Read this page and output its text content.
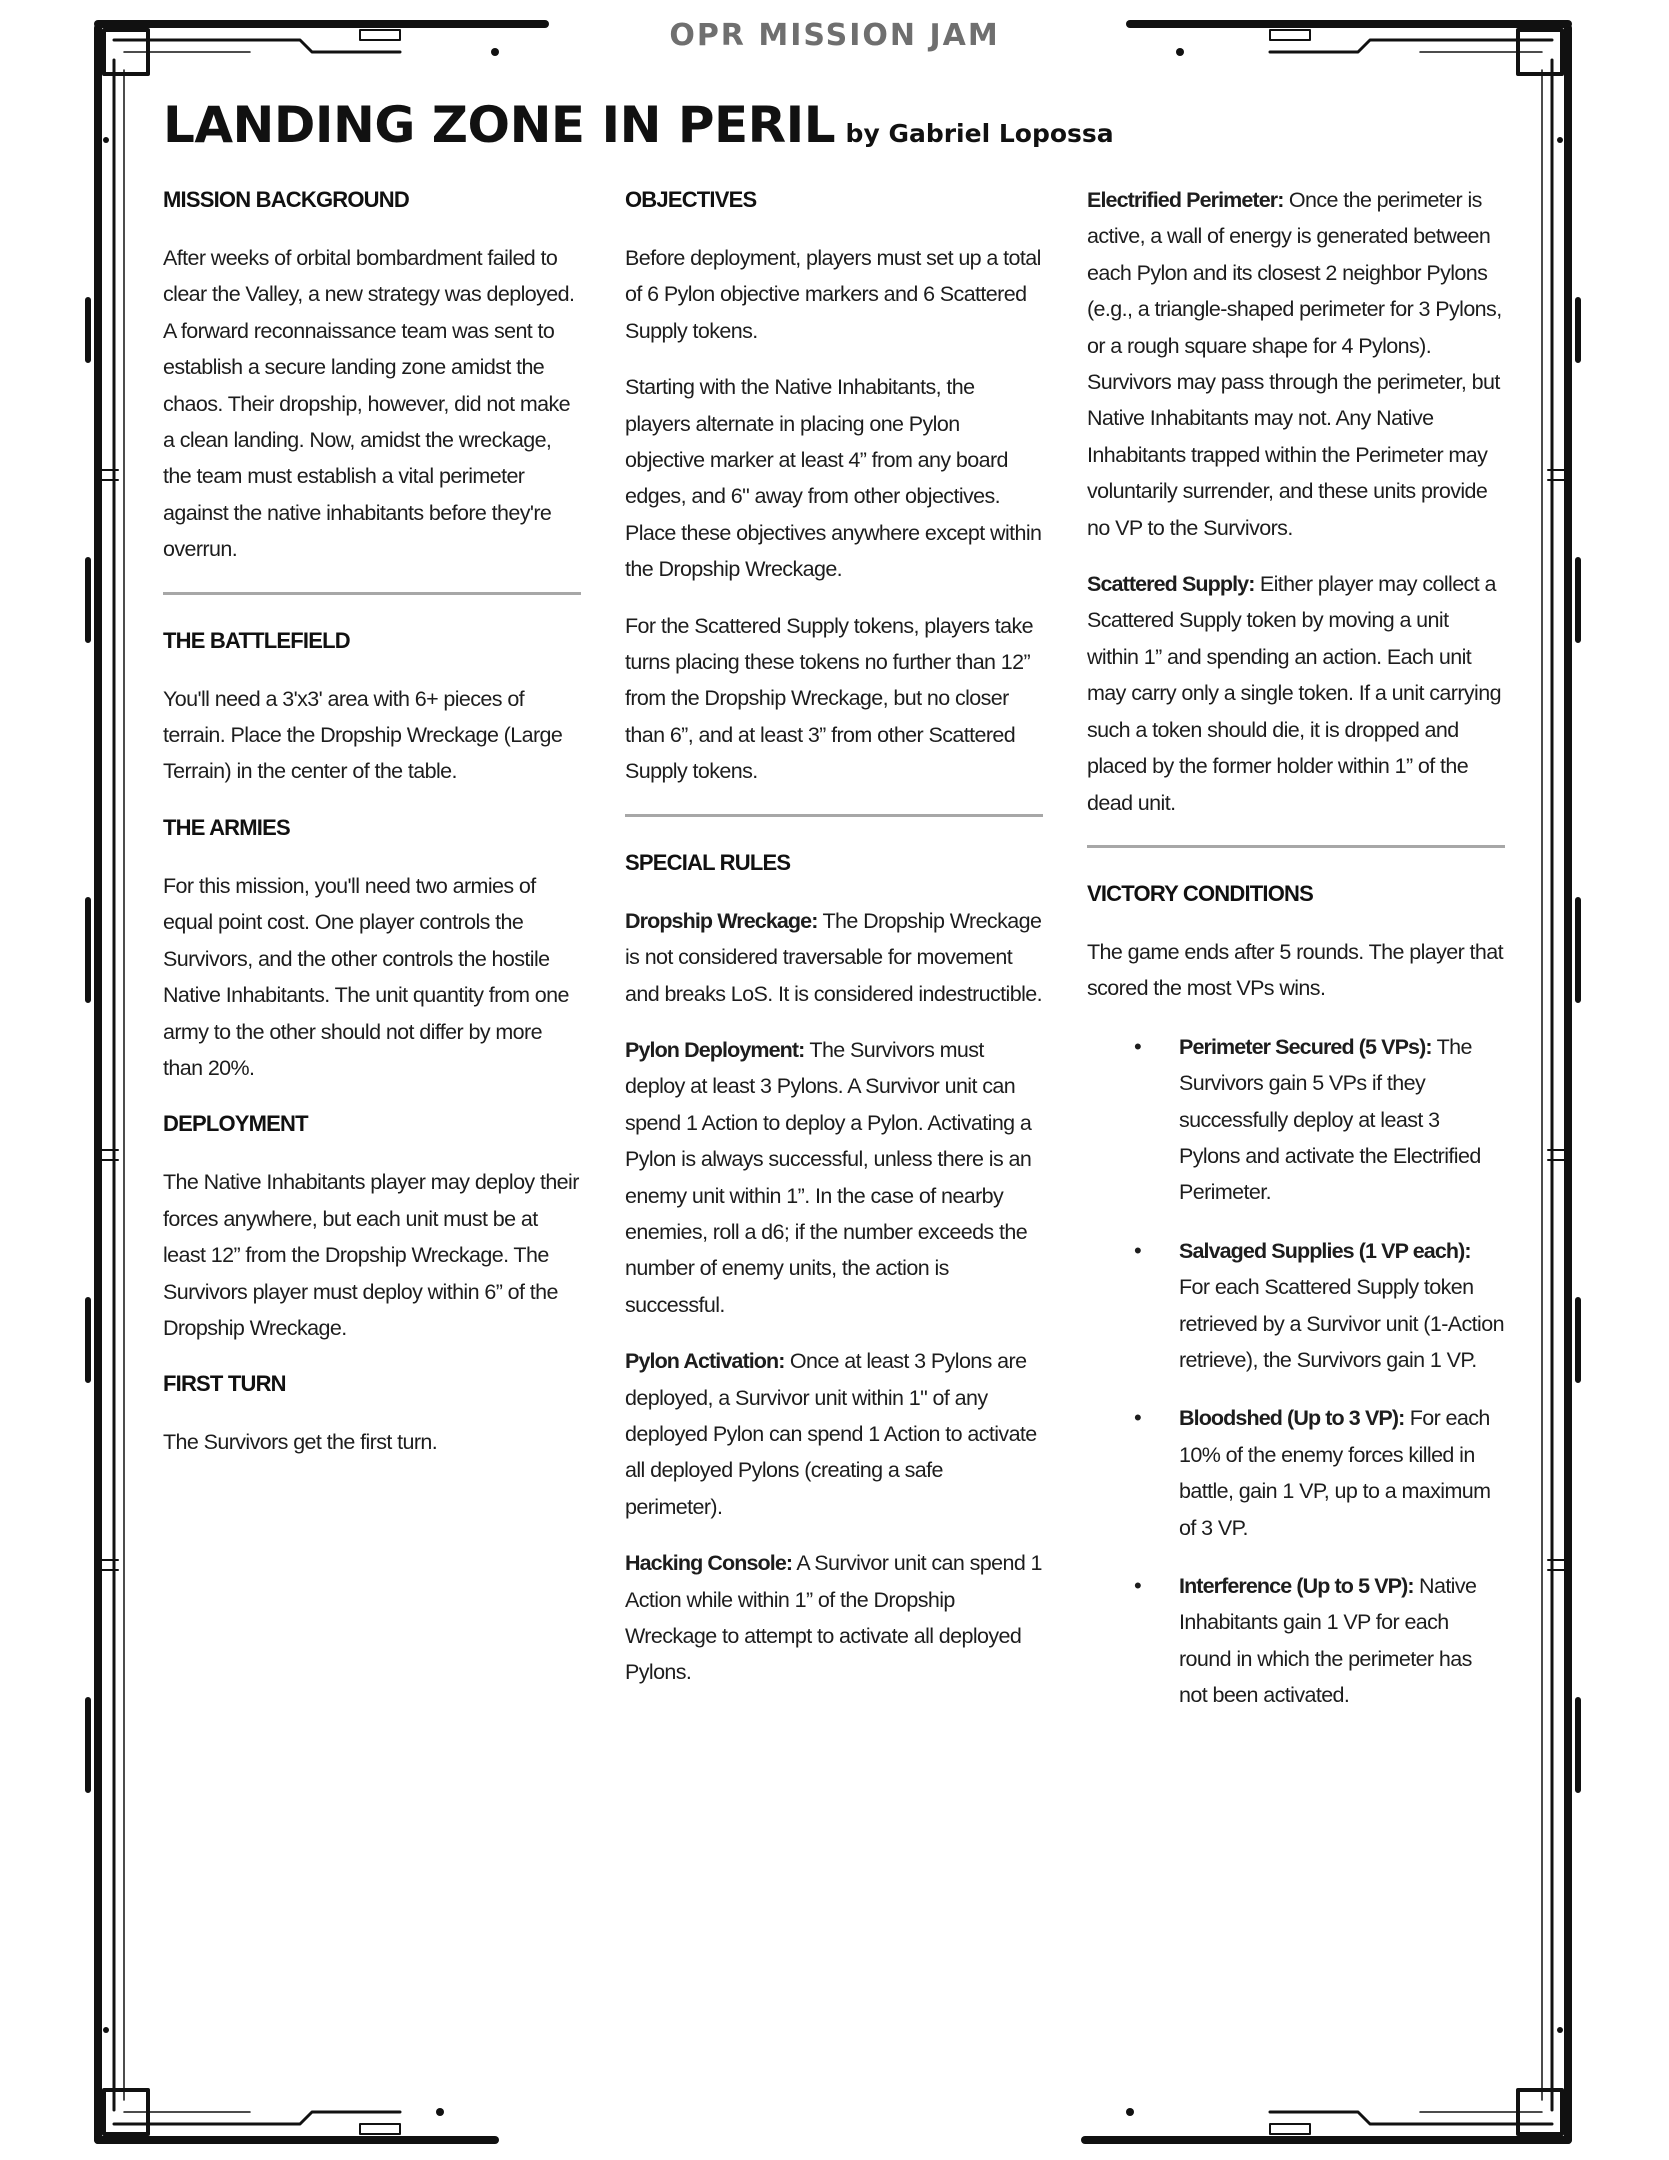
OPR MISSION JAM
LANDING ZONE IN PERIL by Gabriel Lopossa
MISSION BACKGROUND

After weeks of orbital bombardment failed to clear the Valley, a new strategy was deployed. A forward reconnaissance team was sent to establish a secure landing zone amidst the chaos. Their dropship, however, did not make a clean landing. Now, amidst the wreckage, the team must establish a vital perimeter against the native inhabitants before they're overrun.

THE BATTLEFIELD

You'll need a 3'x3' area with 6+ pieces of terrain. Place the Dropship Wreckage (Large Terrain) in the center of the table.

THE ARMIES

For this mission, you'll need two armies of equal point cost. One player controls the Survivors, and the other controls the hostile Native Inhabitants. The unit quantity from one army to the other should not differ by more than 20%.

DEPLOYMENT

The Native Inhabitants player may deploy their forces anywhere, but each unit must be at least 12” from the Dropship Wreckage. The Survivors player must deploy within 6” of the Dropship Wreckage.

FIRST TURN

The Survivors get the first turn.

OBJECTIVES

Before deployment, players must set up a total of 6 Pylon objective markers and 6 Scattered Supply tokens.

Starting with the Native Inhabitants, the players alternate in placing one Pylon objective marker at least 4” from any board edges, and 6" away from other objectives. Place these objectives anywhere except within the Dropship Wreckage.

For the Scattered Supply tokens, players take turns placing these tokens no further than 12” from the Dropship Wreckage, but no closer than 6”, and at least 3” from other Scattered Supply tokens.

SPECIAL RULES

Dropship Wreckage: The Dropship Wreckage is not considered traversable for movement and breaks LoS. It is considered indestructible.

Pylon Deployment: The Survivors must deploy at least 3 Pylons. A Survivor unit can spend 1 Action to deploy a Pylon. Activating a Pylon is always successful, unless there is an enemy unit within 1”. In the case of nearby enemies, roll a d6; if the number exceeds the number of enemy units, the action is successful.

Pylon Activation: Once at least 3 Pylons are deployed, a Survivor unit within 1" of any deployed Pylon can spend 1 Action to activate all deployed Pylons (creating a safe perimeter).

Hacking Console: A Survivor unit can spend 1 Action while within 1” of the Dropship Wreckage to attempt to activate all deployed Pylons.

Electrified Perimeter: Once the perimeter is active, a wall of energy is generated between each Pylon and its closest 2 neighbor Pylons (e.g., a triangle-shaped perimeter for 3 Pylons, or a rough square shape for 4 Pylons). Survivors may pass through the perimeter, but Native Inhabitants may not. Any Native Inhabitants trapped within the Perimeter may voluntarily surrender, and these units provide no VP to the Survivors.

Scattered Supply: Either player may collect a Scattered Supply token by moving a unit within 1” and spending an action. Each unit may carry only a single token. If a unit carrying such a token should die, it is dropped and placed by the former holder within 1” of the dead unit.

VICTORY CONDITIONS

The game ends after 5 rounds. The player that scored the most VPs wins.

• Perimeter Secured (5 VPs): The Survivors gain 5 VPs if they successfully deploy at least 3 Pylons and activate the Electrified Perimeter.
• Salvaged Supplies (1 VP each): For each Scattered Supply token retrieved by a Survivor unit (1-Action retrieve), the Survivors gain 1 VP.
• Bloodshed (Up to 3 VP): For each 10% of the enemy forces killed in battle, gain 1 VP, up to a maximum of 3 VP.
• Interference (Up to 5 VP): Native Inhabitants gain 1 VP for each round in which the perimeter has not been activated.
